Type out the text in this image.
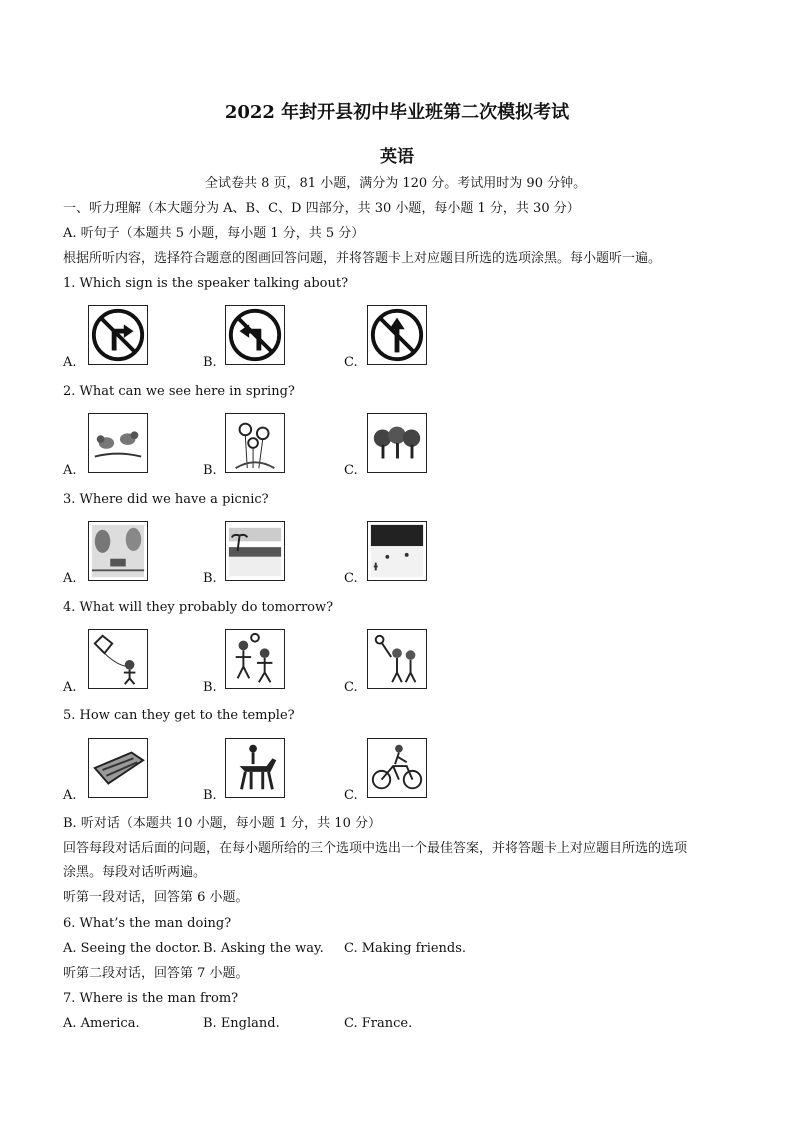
2022 年封开县初中毕业班第二次模拟考试
英语
全试卷共 8 页，81 小题，满分为 120 分。考试用时为 90 分钟。
一、听力理解（本大题分为 A、B、C、D 四部分，共 30 小题，每小题 1 分，共 30 分）
A. 听句子（本题共 5 小题，每小题 1 分，共 5 分）
根据所听内容，选择符合题意的图画回答问题，并将答题卡上对应题目所选的选项涂黑。每小题听一遍。
1. Which sign is the speaker talking about?
A.	B.	C.
2. What can we see here in spring?
A.	B.	C.
3. Where did we have a picnic?
A.	B.	C.
4. What will they probably do tomorrow?
A.	B.	C.
5. How can they get to the temple?
A.	B.	C.
B. 听对话（本题共 10 小题，每小题 1 分，共 10 分）
回答每段对话后面的问题，在每小题所给的三个选项中选出一个最佳答案，并将答题卡上对应题目所选的选项
涂黑。每段对话听两遍。
听第一段对话，回答第 6 小题。
6. What’s the man doing?
A. Seeing the doctor. B. Asking the way. C. Making friends.
听第二段对话，回答第 7 小题。
7. Where is the man from?
A. America.	B. England.	C. France.
